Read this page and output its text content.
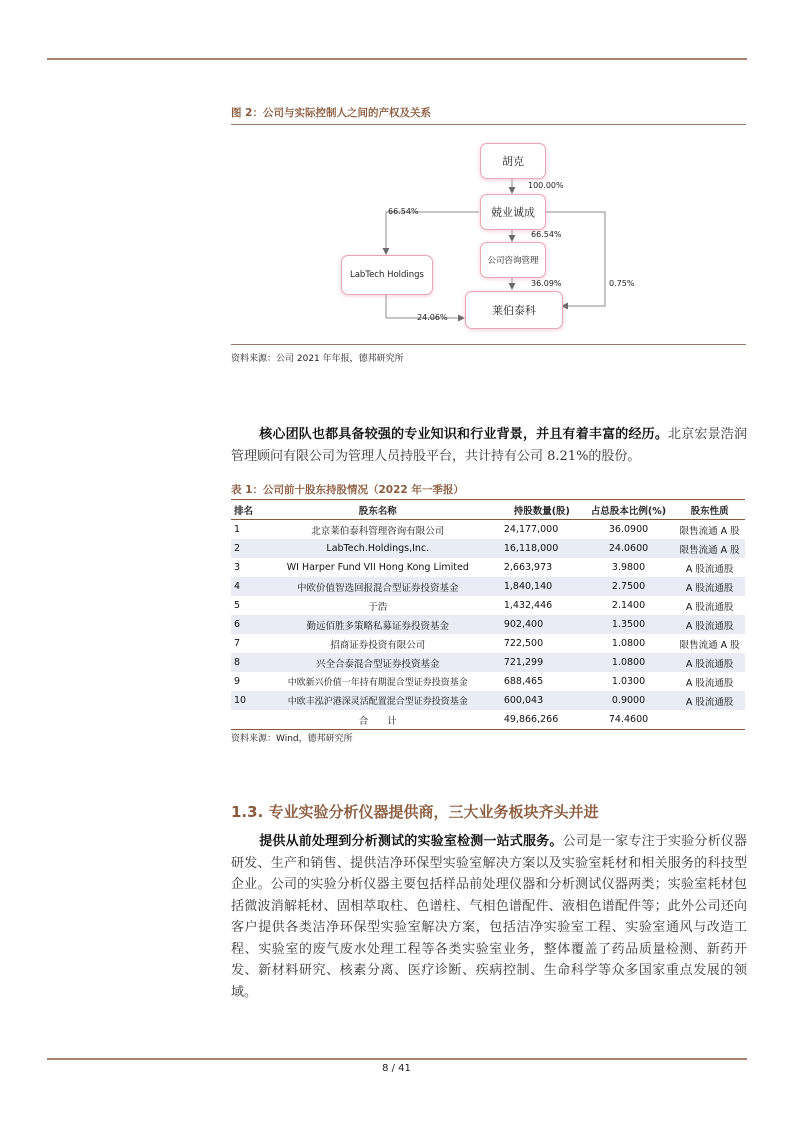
图 2：公司与实际控制人之间的产权及关系
胡克
兢业诚成
公司咨询管理
LabTech Holdings
莱伯泰科
100.00%
66.54%
66.54%
36.09%	0.75%
24.06%
资料来源：公司 2021 年年报，德邦研究所
核心团队也都具备较强的专业知识和行业背景，并且有着丰富的经历。北京宏景浩润管理顾问有限公司为管理人员持股平台，共计持有公司 8.21%的股份。
表 1：公司前十股东持股情况（2022 年一季报）
排名	股东名称	持股数量(股)	占总股本比例(%)	股东性质
1	北京莱伯泰科管理咨询有限公司	24,177,000	36.0900	限售流通 A 股
2	LabTech.Holdings,Inc.	16,118,000	24.0600	限售流通 A 股
3	WI Harper Fund VII Hong Kong Limited	2,663,973	3.9800	A 股流通股
4	中欧价值智选回报混合型证券投资基金	1,840,140	2.7500	A 股流通股
5	于浩	1,432,446	2.1400	A 股流通股
6	勤远佰胜多策略私募证券投资基金	902,400	1.3500	A 股流通股
7	招商证券投资有限公司	722,500	1.0800	限售流通 A 股
8	兴全合泰混合型证券投资基金	721,299	1.0800	A 股流通股
9	中欧新兴价值一年持有期混合型证券投资基金	688,465	1.0300	A 股流通股
10	中欧丰泓沪港深灵活配置混合型证券投资基金	600,043	0.9000	A 股流通股
	合　　计	49,866,266	74.4600	
资料来源：Wind，德邦研究所
1.3. 专业实验分析仪器提供商，三大业务板块齐头并进
提供从前处理到分析测试的实验室检测一站式服务。公司是一家专注于实验分析仪器研发、生产和销售、提供洁净环保型实验室解决方案以及实验室耗材和相关服务的科技型企业。公司的实验分析仪器主要包括样品前处理仪器和分析测试仪器两类；实验室耗材包括微波消解耗材、固相萃取柱、色谱柱、气相色谱配件、液相色谱配件等；此外公司还向客户提供各类洁净环保型实验室解决方案，包括洁净实验室工程、实验室通风与改造工程、实验室的废气废水处理工程等各类实验室业务，整体覆盖了药品质量检测、新药开发、新材料研究、核素分离、医疗诊断、疾病控制、生命科学等众多国家重点发展的领域。
8 / 41
